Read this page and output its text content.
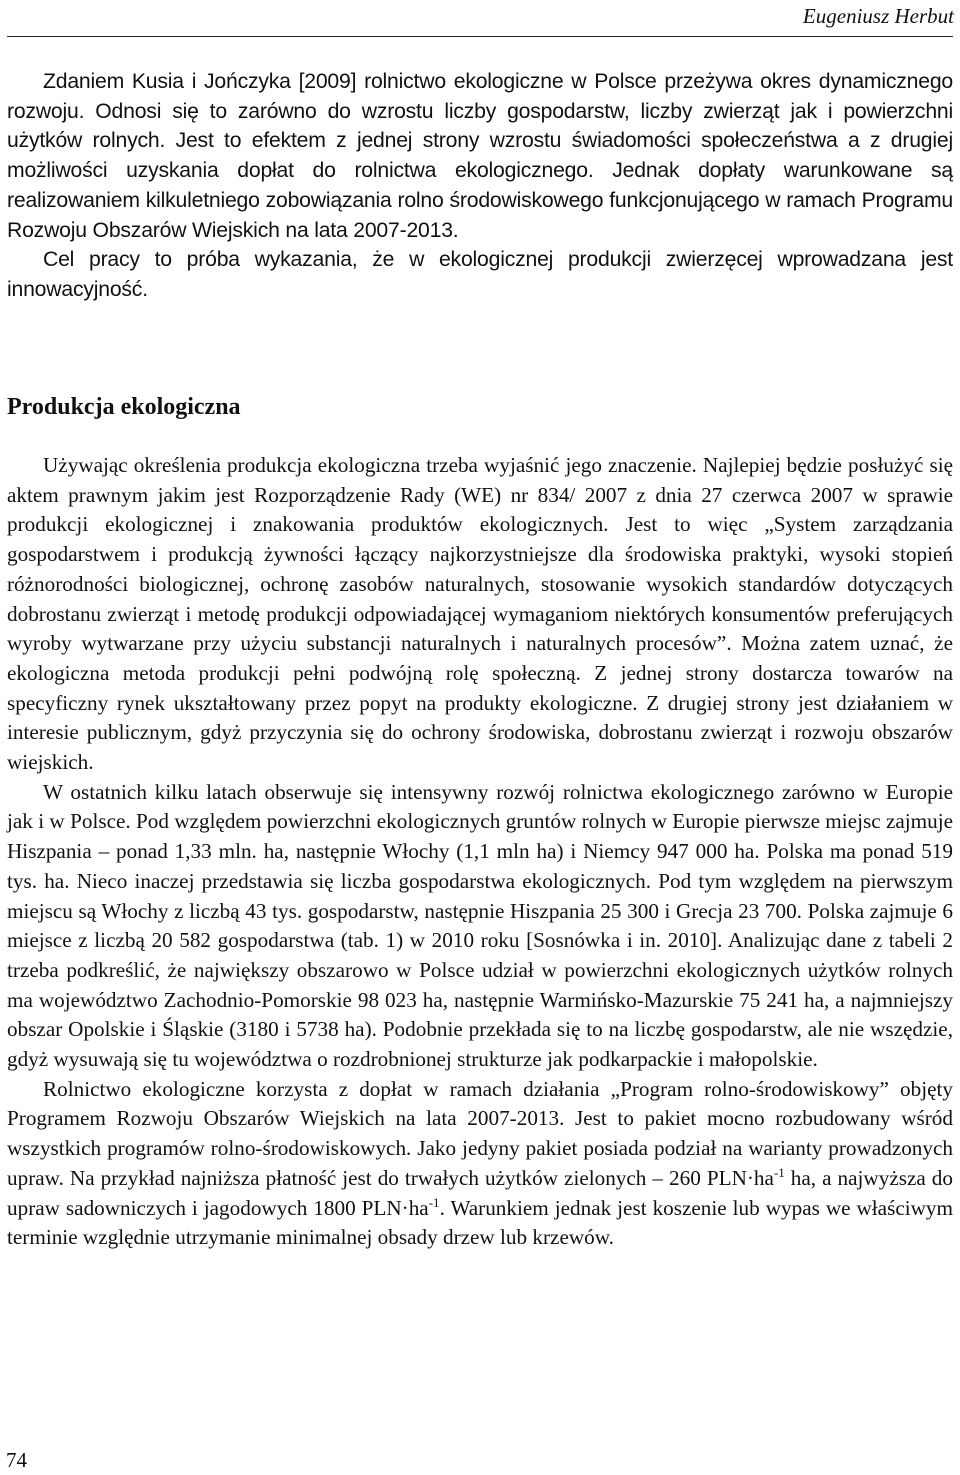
Eugeniusz Herbut

Zdaniem Kusia i Jończyka [2009] rolnictwo ekologiczne w Polsce przeżywa okres dynamicznego rozwoju. Odnosi się to zarówno do wzrostu liczby gospodarstw, liczby zwierząt jak i powierzchni użytków rolnych. Jest to efektem z jednej strony wzrostu świadomości społeczeństwa a z drugiej możliwości uzyskania dopłat do rolnictwa ekologicznego. Jednak dopłaty warunkowane są realizowaniem kilkuletniego zobowiązania rolno środowiskowego funkcjonującego w ramach Programu Rozwoju Obszarów Wiejskich na lata 2007-2013.

Cel pracy to próba wykazania, że w ekologicznej produkcji zwierzęcej wprowadzana jest innowacyjność.

Produkcja ekologiczna

Używając określenia produkcja ekologiczna trzeba wyjaśnić jego znaczenie. Najlepiej będzie posłużyć się aktem prawnym jakim jest Rozporządzenie Rady (WE) nr 834/ 2007 z dnia 27 czerwca 2007 w sprawie produkcji ekologicznej i znakowania produktów ekologicznych. Jest to więc „System zarządzania gospodarstwem i produkcją żywności łączący najkorzystniejsze dla środowiska praktyki, wysoki stopień różnorodności biologicznej, ochronę zasobów naturalnych, stosowanie wysokich standardów dotyczących dobrostanu zwierząt i metodę produkcji odpowiadającej wymaganiom niektórych konsumentów preferujących wyroby wytwarzane przy użyciu substancji naturalnych i naturalnych procesów”. Można zatem uznać, że ekologiczna metoda produkcji pełni podwójną rolę społeczną. Z jednej strony dostarcza towarów na specyficzny rynek ukształtowany przez popyt na produkty ekologiczne. Z drugiej strony jest działaniem w interesie publicznym, gdyż przyczynia się do ochrony środowiska, dobrostanu zwierząt i rozwoju obszarów wiejskich.

W ostatnich kilku latach obserwuje się intensywny rozwój rolnictwa ekologicznego zarówno w Europie jak i w Polsce. Pod względem powierzchni ekologicznych gruntów rolnych w Europie pierwsze miejsc zajmuje Hiszpania – ponad 1,33 mln. ha, następnie Włochy (1,1 mln ha) i Niemcy 947 000 ha. Polska ma ponad 519 tys. ha. Nieco inaczej przedstawia się liczba gospodarstwa ekologicznych. Pod tym względem na pierwszym miejscu są Włochy z liczbą 43 tys. gospodarstw, następnie Hiszpania 25 300 i Grecja 23 700. Polska zajmuje 6 miejsce z liczbą 20 582 gospodarstwa (tab. 1) w 2010 roku [Sosnówka i in. 2010]. Analizując dane z tabeli 2 trzeba podkreślić, że największy obszarowo w Polsce udział w powierzchni ekologicznych użytków rolnych ma województwo Zachodnio-Pomorskie 98 023 ha, następnie Warmińsko-Mazurskie 75 241 ha, a najmniejszy obszar Opolskie i Śląskie (3180 i 5738 ha). Podobnie przekłada się to na liczbę gospodarstw, ale nie wszędzie, gdyż wysuwają się tu województwa o rozdrobnionej strukturze jak podkarpackie i małopolskie.

Rolnictwo ekologiczne korzysta z dopłat w ramach działania „Program rolno-środowiskowy” objęty Programem Rozwoju Obszarów Wiejskich na lata 2007-2013. Jest to pakiet mocno rozbudowany wśród wszystkich programów rolno-środowiskowych. Jako jedyny pakiet posiada podział na warianty prowadzonych upraw. Na przykład najniższa płatność jest do trwałych użytków zielonych – 260 $PLN\cdot ha^{-1}$ ha, a najwyższa do upraw sadowniczych i jagodowych 1800 $PLN\cdot ha^{-1}$. Warunkiem jednak jest koszenie lub wypas we właściwym terminie względnie utrzymanie minimalnej obsady drzew lub krzewów.

74
